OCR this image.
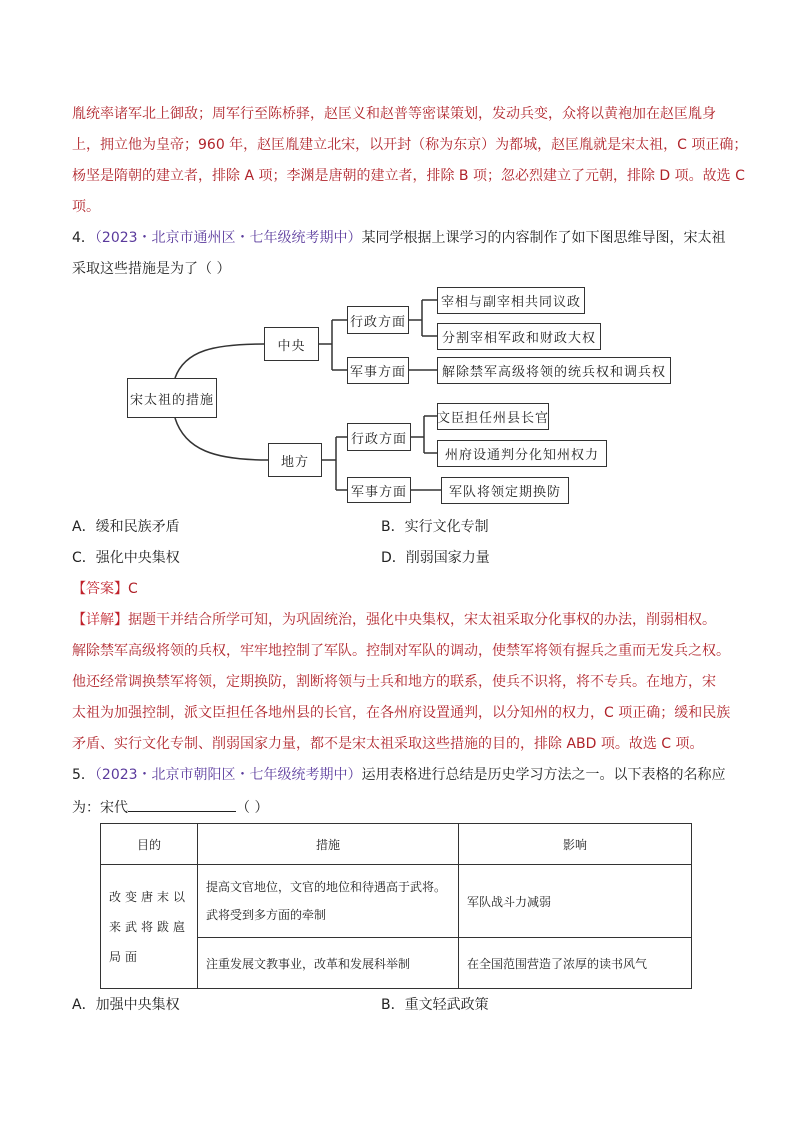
胤统率诸军北上御敌；周军行至陈桥驿，赵匡义和赵普等密谋策划，发动兵变，众将以黄袍加在赵匡胤身
上，拥立他为皇帝；960 年，赵匡胤建立北宋，以开封（称为东京）为都城，赵匡胤就是宋太祖，C 项正确；
杨坚是隋朝的建立者，排除 A 项；李渊是唐朝的建立者，排除 B 项；忽必烈建立了元朝，排除 D 项。故选 C
项。
4．（2023・北京市通州区・七年级统考期中）某同学根据上课学习的内容制作了如下图思维导图，宋太祖
采取这些措施是为了（ ）
宋太祖的措施
中央
地方
行政方面
军事方面
行政方面
军事方面
宰相与副宰相共同议政
分割宰相军政和财政大权
解除禁军高级将领的统兵权和调兵权
文臣担任州县长官
州府设通判分化知州权力
军队将领定期换防
A．缓和民族矛盾	B．实行文化专制
C．强化中央集权	D．削弱国家力量
【答案】C
【详解】据题干并结合所学可知，为巩固统治，强化中央集权，宋太祖采取分化事权的办法，削弱相权。
解除禁军高级将领的兵权，牢牢地控制了军队。控制对军队的调动，使禁军将领有握兵之重而无发兵之权。
他还经常调换禁军将领，定期换防，割断将领与士兵和地方的联系，使兵不识将，将不专兵。在地方，宋
太祖为加强控制，派文臣担任各地州县的长官，在各州府设置通判，以分知州的权力，C 项正确；缓和民族
矛盾、实行文化专制、削弱国家力量，都不是宋太祖采取这些措施的目的，排除 ABD 项。故选 C 项。
5．（2023・北京市朝阳区・七年级统考期中）运用表格进行总结是历史学习方法之一。以下表格的名称应
为：宋代	（ ）
目的	措施	影响
改变唐末以来武将跋扈局面	提高文官地位，文官的地位和待遇高于武将。武将受到多方面的牵制	军队战斗力减弱
	注重发展文教事业，改革和发展科举制	在全国范围营造了浓厚的读书风气
A．加强中央集权	B．重文轻武政策
